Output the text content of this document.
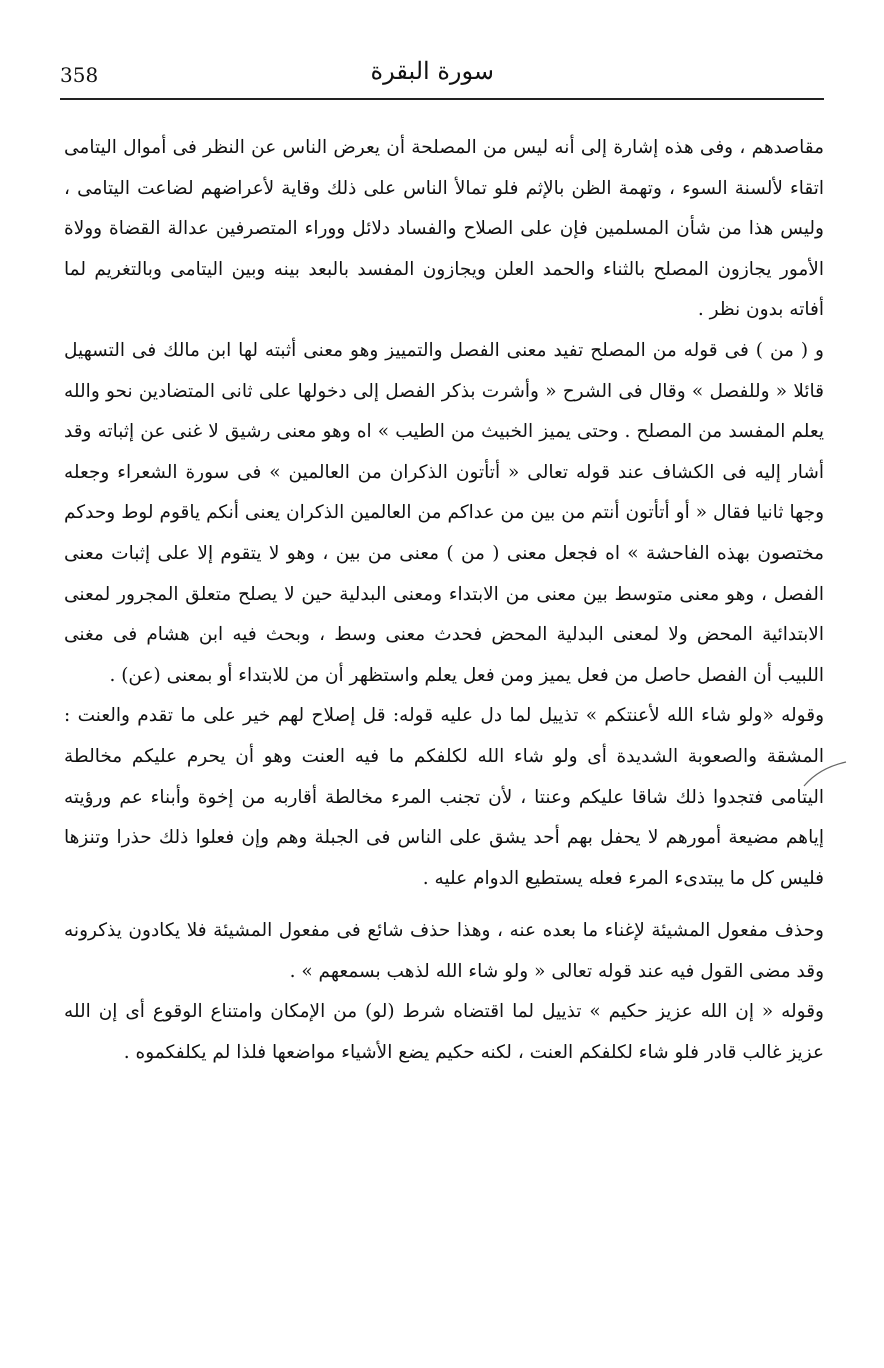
358	سورة البقرة

مقاصدهم ، وفى هذه إشارة إلى أنه ليس من المصلحة أن يعرض الناس عن النظر فى أموال اليتامى اتقاء لألسنة السوء ، وتهمة الظن بالإثم فلو تمالأ الناس على ذلك وقاية لأعراضهم لضاعت اليتامى ، وليس هذا من شأن المسلمين فإن على الصلاح والفساد دلائل ووراء المتصرفين عدالة القضاة وولاة الأمور يجازون المصلح بالثناء والحمد العلن ويجازون المفسد بالبعد بينه وبين اليتامى وبالتغريم لما أفاته بدون نظر .

و ( من ) فى قوله من المصلح تفيد معنى الفصل والتمييز وهو معنى أثبته لها ابن مالك فى التسهيل قائلا « وللفصل » وقال فى الشرح « وأشرت بذكر الفصل إلى دخولها على ثانى المتضادين نحو والله يعلم المفسد من المصلح . وحتى يميز الخبيث من الطيب » اه وهو معنى رشيق لا غنى عن إثباته وقد أشار إليه فى الكشاف عند قوله تعالى « أتأتون الذكران من العالمين » فى سورة الشعراء وجعله وجها ثانيا فقال « أو أتأتون أنتم من بين من عداكم من العالمين الذكران يعنى أنكم ياقوم لوط وحدكم مختصون بهذه الفاحشة » اه فجعل معنى ( من ) معنى من بين ، وهو لا يتقوم إلا على إثبات معنى الفصل ، وهو معنى متوسط بين معنى من الابتداء ومعنى البدلية حين لا يصلح متعلق المجرور لمعنى الابتدائية المحض ولا لمعنى البدلية المحض فحدث معنى وسط ، وبحث فيه ابن هشام فى مغنى اللبيب أن الفصل حاصل من فعل يميز ومن فعل يعلم واستظهر أن من للابتداء أو بمعنى (عن) .

وقوله «ولو شاء الله لأعنتكم » تذييل لما دل عليه قوله: قل إصلاح لهم خير على ما تقدم والعنت : المشقة والصعوبة الشديدة أى ولو شاء الله لكلفكم ما فيه العنت وهو أن يحرم عليكم مخالطة اليتامى فتجدوا ذلك شاقا عليكم وعنتا ، لأن تجنب المرء مخالطة أقاربه من إخوة وأبناء عم ورؤيته إياهم مضيعة أمورهم لا يحفل بهم أحد يشق على الناس فى الجبلة وهم وإن فعلوا ذلك حذرا وتنزها فليس كل ما يبتدىء المرء فعله يستطيع الدوام عليه .

وحذف مفعول المشيئة لإغناء ما بعده عنه ، وهذا حذف شائع فى مفعول المشيئة فلا يكادون يذكرونه وقد مضى القول فيه عند قوله تعالى « ولو شاء الله لذهب بسمعهم » .

وقوله « إن الله عزيز حكيم » تذييل لما اقتضاه شرط (لو) من الإمكان وامتناع الوقوع أى إن الله عزيز غالب قادر فلو شاء لكلفكم العنت ، لكنه حكيم يضع الأشياء مواضعها فلذا لم يكلفكموه .
